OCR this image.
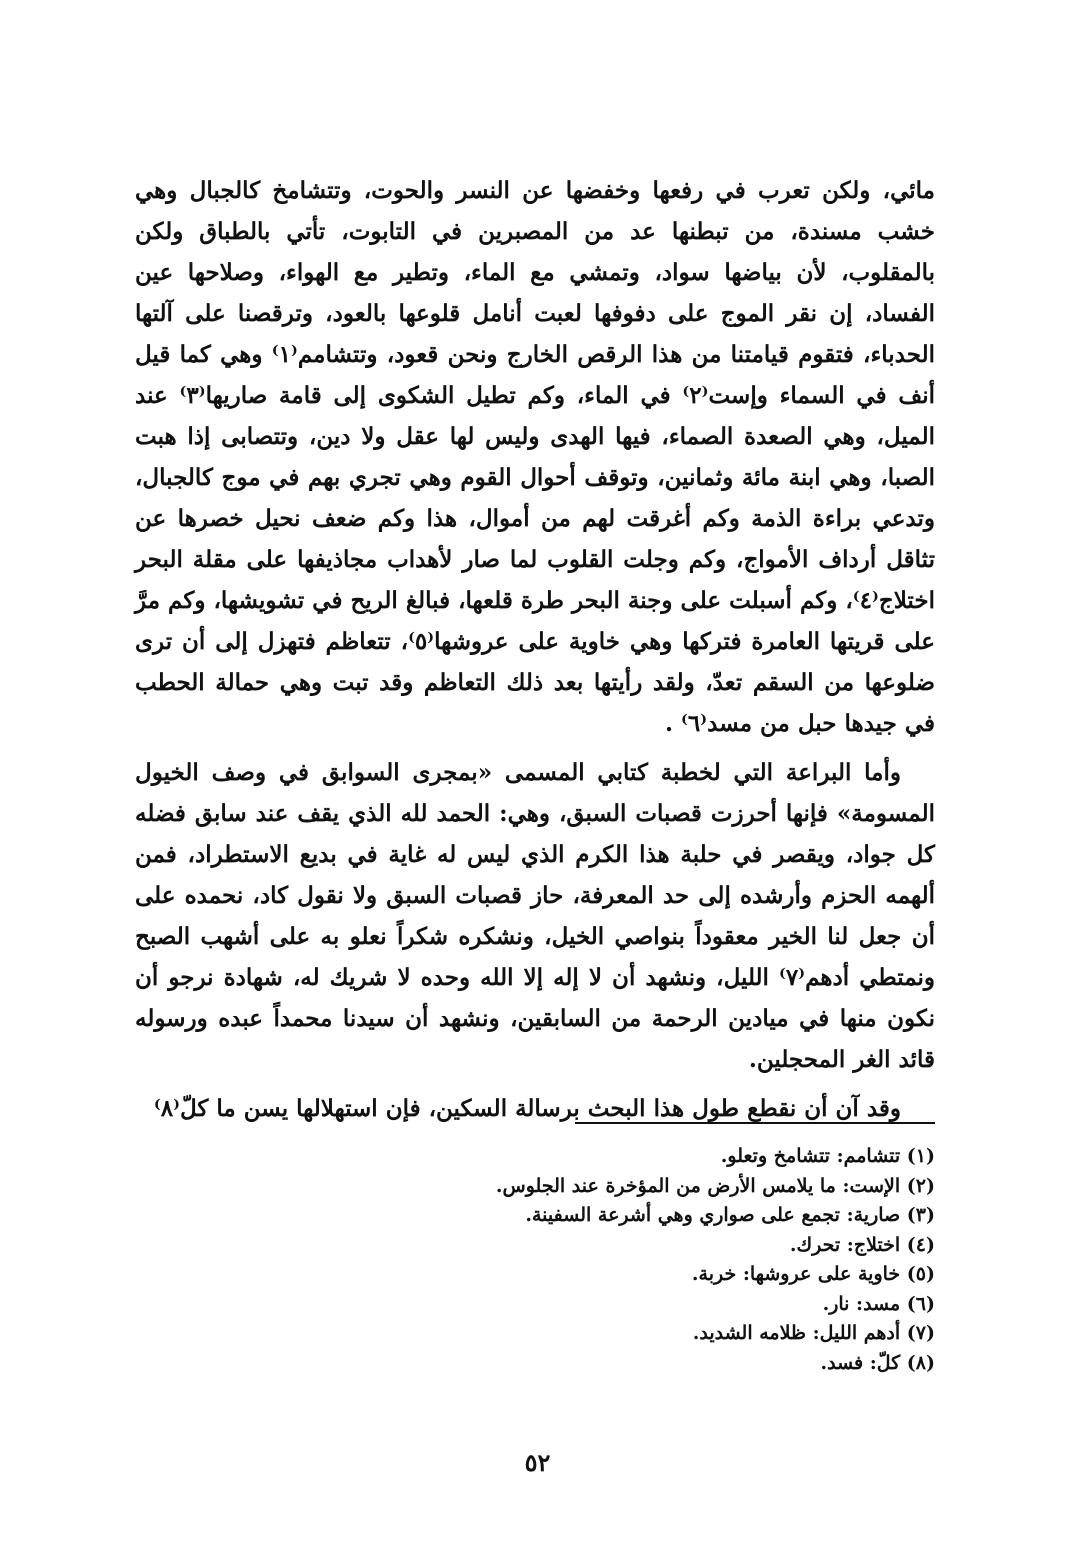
مائي، ولكن تعرب في رفعها وخفضها عن النسر والحوت، وتتشامخ كالجبال وهي خشب مسندة، من تبطنها عد من المصبرين في التابوت، تأتي بالطباق ولكن بالمقلوب، لأن بياضها سواد، وتمشي مع الماء، وتطير مع الهواء، وصلاحها عين الفساد، إن نقر الموج على دفوفها لعبت أنامل قلوعها بالعود، وترقصنا على آلتها الحدباء، فتقوم قيامتنا من هذا الرقص الخارج ونحن قعود، وتتشامم⁽١⁾ وهي كما قيل أنف في السماء وإست⁽٢⁾ في الماء، وكم تطيل الشكوى إلى قامة صاريها⁽٣⁾ عند الميل، وهي الصعدة الصماء، فيها الهدى وليس لها عقل ولا دين، وتتصابى إذا هبت الصبا، وهي ابنة مائة وثمانين، وتوقف أحوال القوم وهي تجري بهم في موج كالجبال، وتدعي براءة الذمة وكم أغرقت لهم من أموال، هذا وكم ضعف نحيل خصرها عن تثاقل أرداف الأمواج، وكم وجلت القلوب لما صار لأهداب مجاذيفها على مقلة البحر اختلاج⁽٤⁾، وكم أسبلت على وجنة البحر طرة قلعها، فبالغ الريح في تشويشها، وكم مرَّ على قريتها العامرة فتركها وهي خاوية على عروشها⁽٥⁾، تتعاظم فتهزل إلى أن ترى ضلوعها من السقم تعدّ، ولقد رأيتها بعد ذلك التعاظم وقد تبت وهي حمالة الحطب في جيدها حبل من مسد⁽٦⁾ .

وأما البراعة التي لخطبة كتابي المسمى «بمجرى السوابق في وصف الخيول المسومة» فإنها أحرزت قصبات السبق، وهي: الحمد لله الذي يقف عند سابق فضله كل جواد، ويقصر في حلبة هذا الكرم الذي ليس له غاية في بديع الاستطراد، فمن ألهمه الحزم وأرشده إلى حد المعرفة، حاز قصبات السبق ولا نقول كاد، نحمده على أن جعل لنا الخير معقوداً بنواصي الخيل، ونشكره شكراً نعلو به على أشهب الصبح ونمتطي أدهم⁽٧⁾ الليل، ونشهد أن لا إله إلا الله وحده لا شريك له، شهادة نرجو أن نكون منها في ميادين الرحمة من السابقين، ونشهد أن سيدنا محمداً عبده ورسوله قائد الغر المحجلين.

وقد آن أن نقطع طول هذا البحث برسالة السكين، فإن استهلالها يسن ما كلّ⁽٨⁾

(١) تتشامم: تتشامخ وتعلو.
(٢) الإست: ما يلامس الأرض من المؤخرة عند الجلوس.
(٣) صارية: تجمع على صواري وهي أشرعة السفينة.
(٤) اختلاج: تحرك.
(٥) خاوية على عروشها: خربة.
(٦) مسد: نار.
(٧) أدهم الليل: ظلامه الشديد.
(٨) كلّ: فسد.
٥٢
